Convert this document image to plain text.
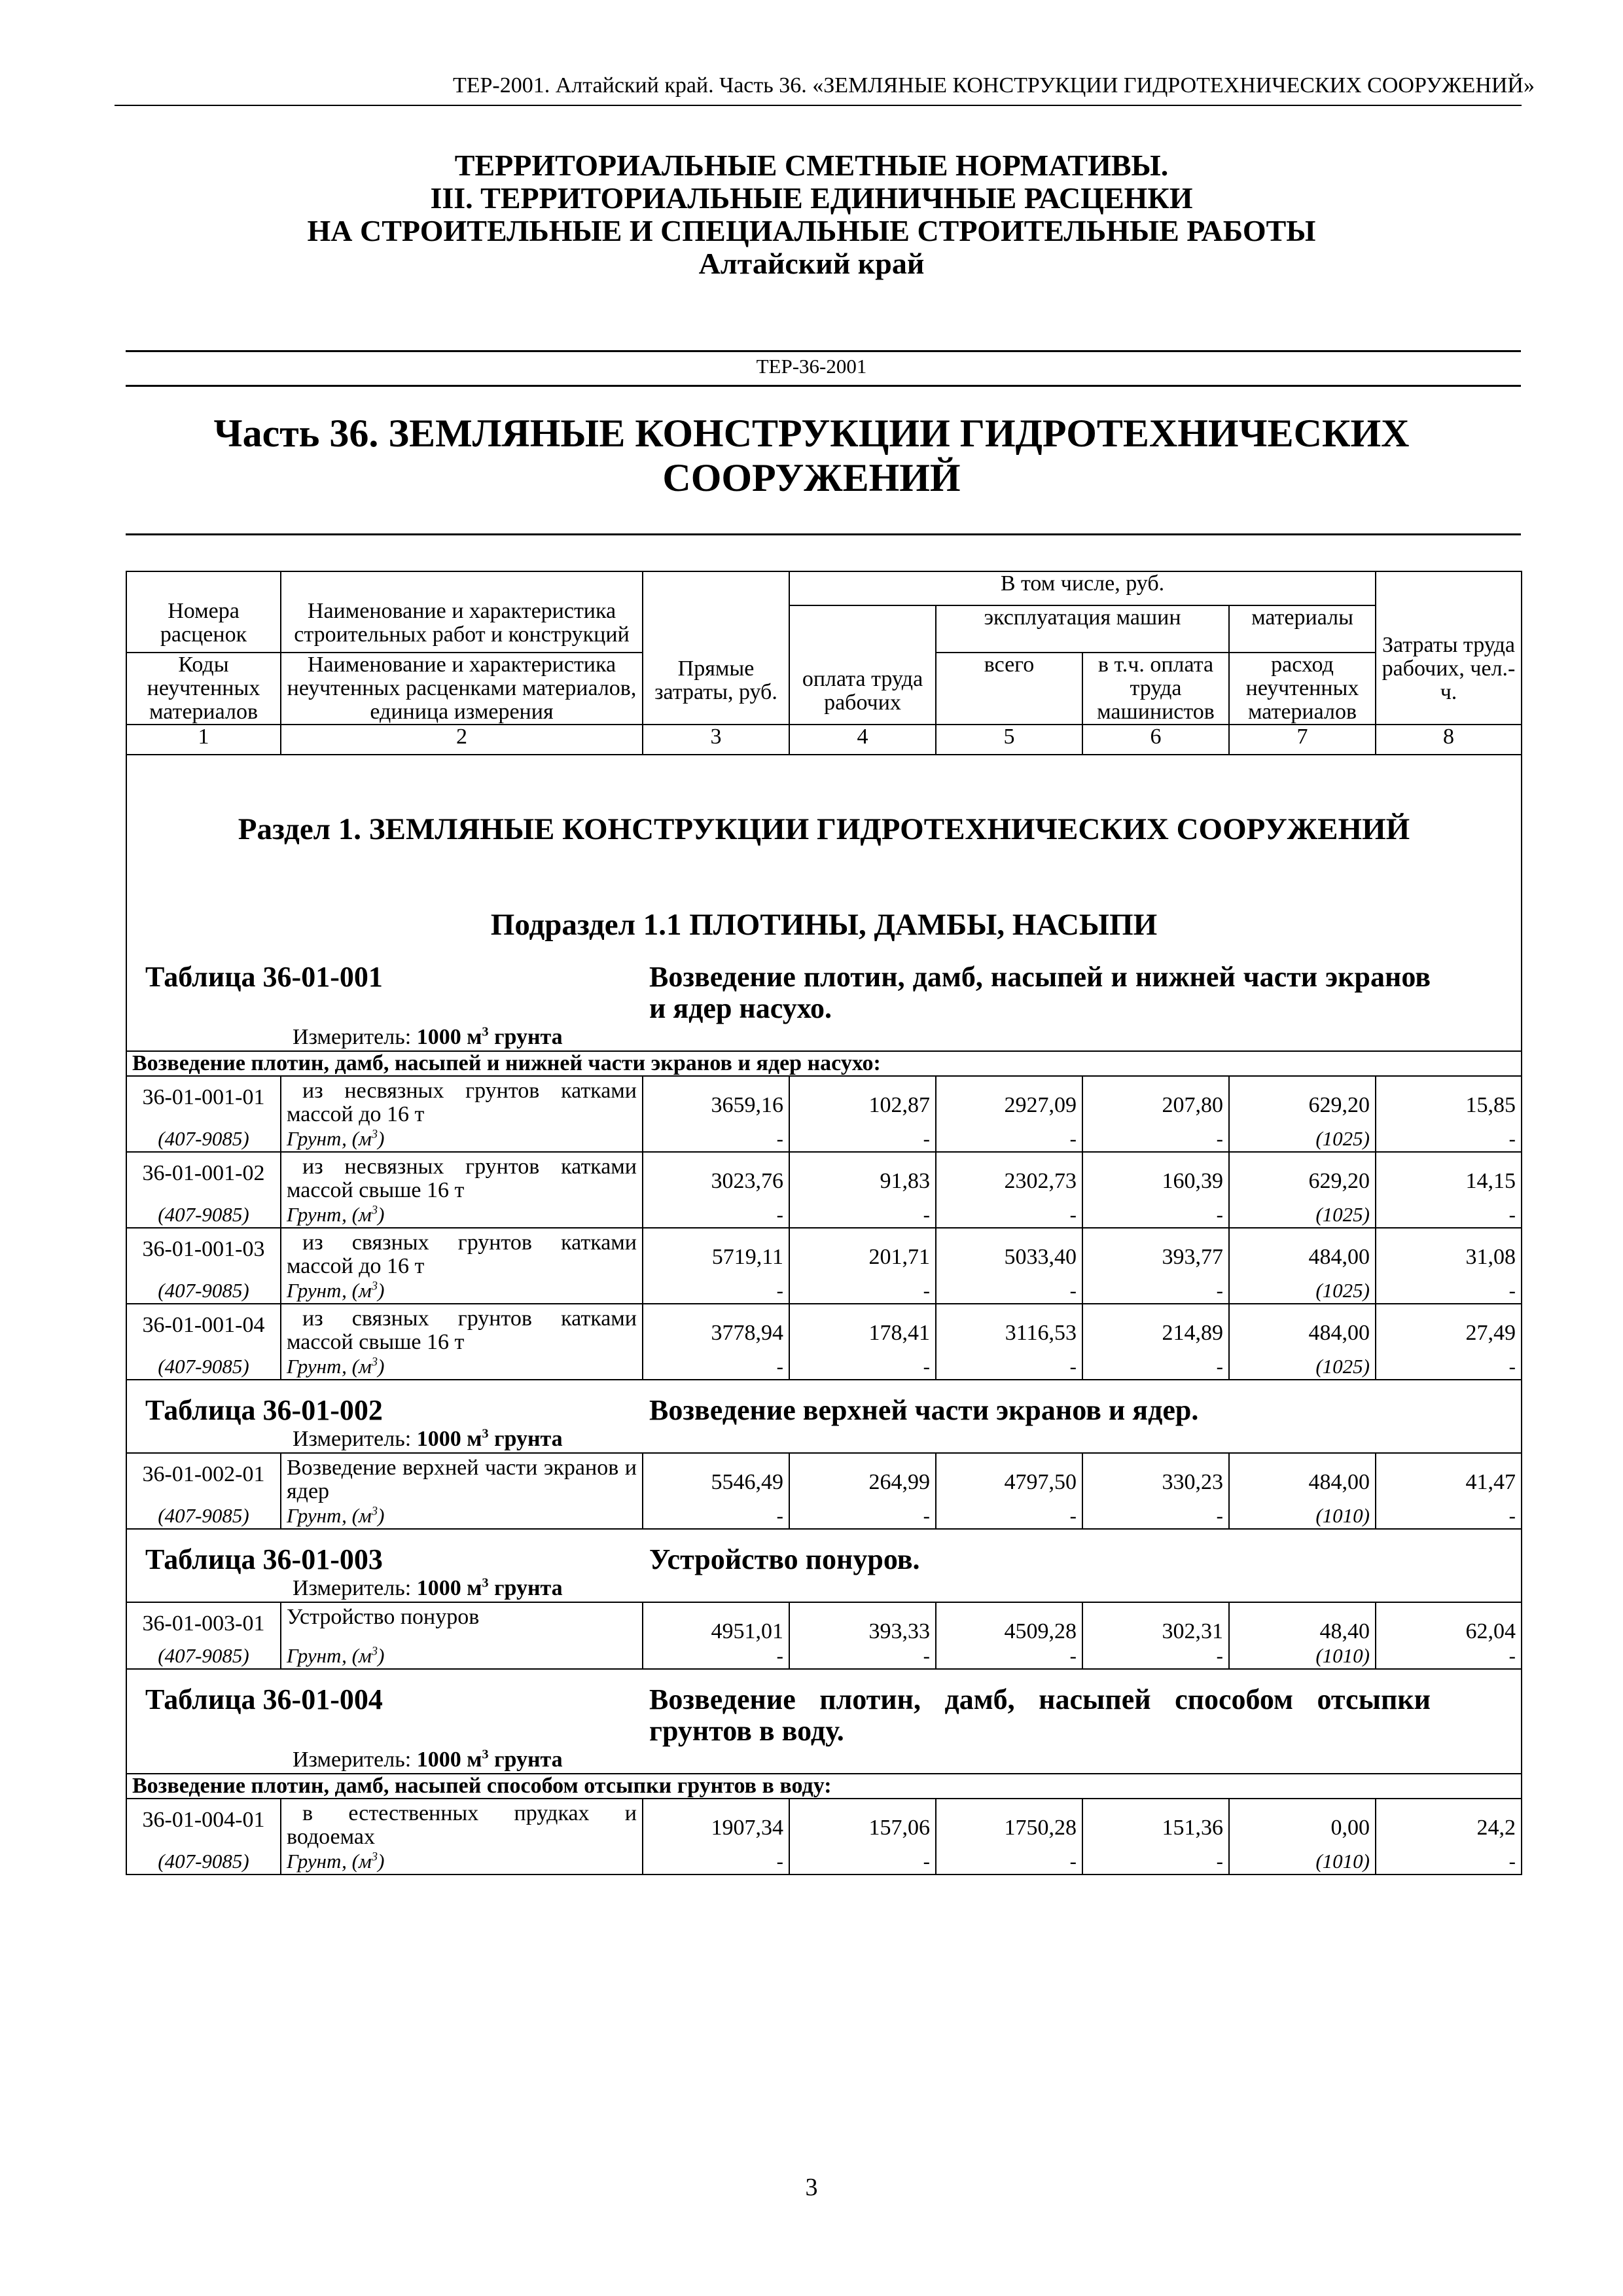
ТЕР-2001. Алтайский край. Часть 36. «ЗЕМЛЯНЫЕ КОНСТРУКЦИИ ГИДРОТЕХНИЧЕСКИХ СООРУЖЕНИЙ»
ТЕРРИТОРИАЛЬНЫЕ СМЕТНЫЕ НОРМАТИВЫ.
III. ТЕРРИТОРИАЛЬНЫЕ ЕДИНИЧНЫЕ РАСЦЕНКИ
НА СТРОИТЕЛЬНЫЕ И СПЕЦИАЛЬНЫЕ СТРОИТЕЛЬНЫЕ РАБОТЫ
Алтайский край
ТЕР-36-2001
Часть 36. ЗЕМЛЯНЫЕ КОНСТРУКЦИИ ГИДРОТЕХНИЧЕСКИХ
СООРУЖЕНИЙ
Номера расценок	Наименование и характеристика строительных работ и конструкций	Прямые затраты, руб.	В том числе, руб.				Затраты труда рабочих, чел.-ч.
			оплата труда рабочих	эксплуатация машин		материалы	
Коды неучтенных материалов	Наименование и характеристика неучтенных расценками материалов, единица измерения			всего	в т.ч. оплата труда машинистов	расход неучтенных материалов	
1	2	3	4	5	6	7	8

Раздел 1. ЗЕМЛЯНЫЕ КОНСТРУКЦИИ ГИДРОТЕХНИЧЕСКИХ СООРУЖЕНИЙ
Подраздел 1.1 ПЛОТИНЫ, ДАМБЫ, НАСЫПИ							

Таблица 36-01-001 Возведение плотин, дамб, насыпей и нижней части экранов и ядер насухо.
Измеритель: 1000 $м^3$ грунта							

Возведение плотин, дамб, насыпей и нижней части экранов и ядер насухо:							
36-01-001-01	из несвязных грунтов катками массой до 16 т	3659,16	102,87	2927,09	207,80	629,20	15,85
(407-9085)	Грунт, $(м^3)$	-	-	-	-	(1025)	-
36-01-001-02	из несвязных грунтов катками массой свыше 16 т	3023,76	91,83	2302,73	160,39	629,20	14,15
(407-9085)	Грунт, $(м^3)$	-	-	-	-	(1025)	-
36-01-001-03	из связных грунтов катками массой до 16 т	5719,11	201,71	5033,40	393,77	484,00	31,08
(407-9085)	Грунт, $(м^3)$	-	-	-	-	(1025)	-
36-01-001-04	из связных грунтов катками массой свыше 16 т	3778,94	178,41	3116,53	214,89	484,00	27,49
(407-9085)	Грунт, $(м^3)$	-	-	-	-	(1025)	-

Таблица 36-01-002 Возведение верхней части экранов и ядер.
Измеритель: 1000 $м^3$ грунта							

36-01-002-01	Возведение верхней части экранов и ядер	5546,49	264,99	4797,50	330,23	484,00	41,47
(407-9085)	Грунт, $(м^3)$	-	-	-	-	(1010)	-

Таблица 36-01-003 Устройство понуров.
Измеритель: 1000 $м^3$ грунта							

36-01-003-01	Устройство понуров	4951,01	393,33	4509,28	302,31	48,40	62,04
(407-9085)	Грунт, $(м^3)$	-	-	-	-	(1010)	-

Таблица 36-01-004 Возведение плотин, дамб, насыпей способом отсыпки грунтов в воду.
Измеритель: 1000 $м^3$ грунта							

Возведение плотин, дамб, насыпей способом отсыпки грунтов в воду:							
36-01-004-01	в естественных прудках и водоемах	1907,34	157,06	1750,28	151,36	0,00	24,2
(407-9085)	Грунт, $(м^3)$	-	-	-	-	(1010)	-
3
